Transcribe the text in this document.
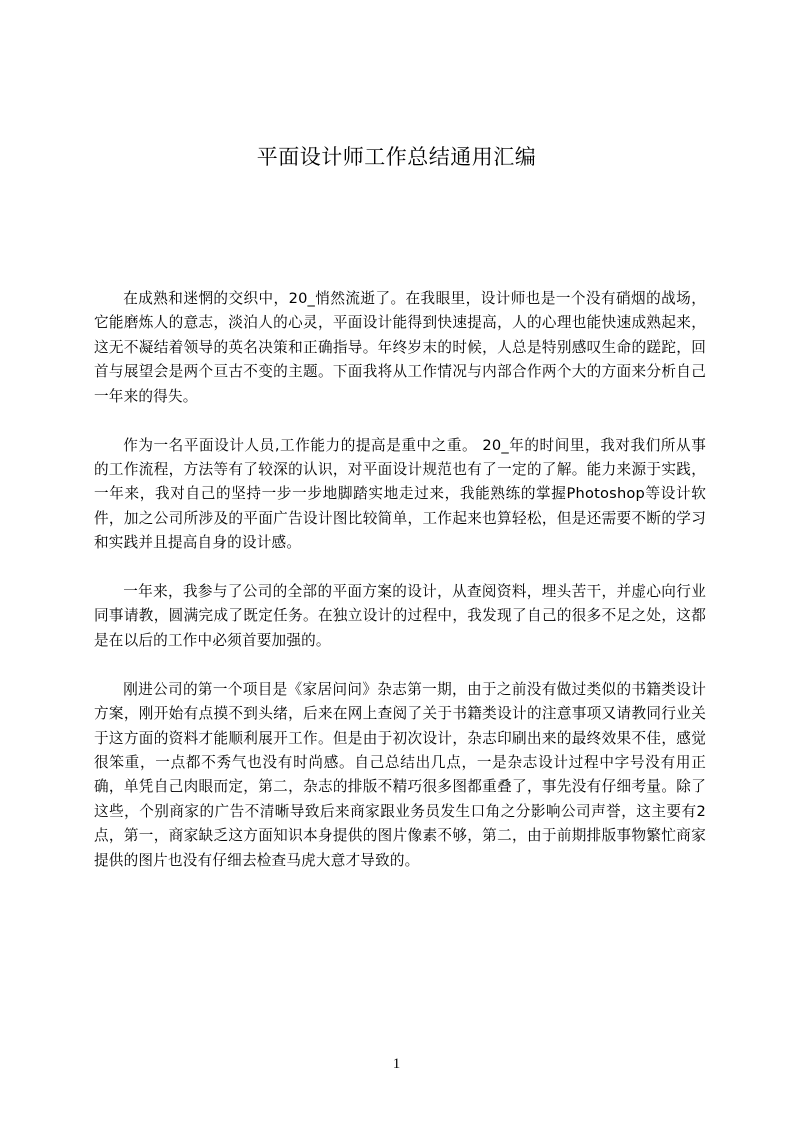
平面设计师工作总结通用汇编

在成熟和迷惘的交织中，20_悄然流逝了。在我眼里，设计师也是一个没有硝烟的战场，它能磨炼人的意志，淡泊人的心灵，平面设计能得到快速提高，人的心理也能快速成熟起来，这无不凝结着领导的英名决策和正确指导。年终岁末的时候，人总是特别感叹生命的蹉跎，回首与展望会是两个亘古不变的主题。下面我将从工作情况与内部合作两个大的方面来分析自己一年来的得失。

作为一名平面设计人员,工作能力的提高是重中之重。 20_年的时间里，我对我们所从事的工作流程，方法等有了较深的认识，对平面设计规范也有了一定的了解。能力来源于实践，一年来，我对自己的坚持一步一步地脚踏实地走过来，我能熟练的掌握Photoshop等设计软件，加之公司所涉及的平面广告设计图比较简单，工作起来也算轻松，但是还需要不断的学习和实践并且提高自身的设计感。

一年来，我参与了公司的全部的平面方案的设计，从查阅资料，埋头苦干，并虚心向行业同事请教，圆满完成了既定任务。在独立设计的过程中，我发现了自己的很多不足之处，这都是在以后的工作中必须首要加强的。

刚进公司的第一个项目是《家居问问》杂志第一期，由于之前没有做过类似的书籍类设计方案，刚开始有点摸不到头绪，后来在网上查阅了关于书籍类设计的注意事项又请教同行业关于这方面的资料才能顺利展开工作。但是由于初次设计，杂志印刷出来的最终效果不佳，感觉很笨重，一点都不秀气也没有时尚感。自己总结出几点，一是杂志设计过程中字号没有用正确，单凭自己肉眼而定，第二，杂志的排版不精巧很多图都重叠了，事先没有仔细考量。除了这些，个别商家的广告不清晰导致后来商家跟业务员发生口角之分影响公司声誉，这主要有2点，第一，商家缺乏这方面知识本身提供的图片像素不够，第二，由于前期排版事物繁忙商家提供的图片也没有仔细去检查马虎大意才导致的。

1
